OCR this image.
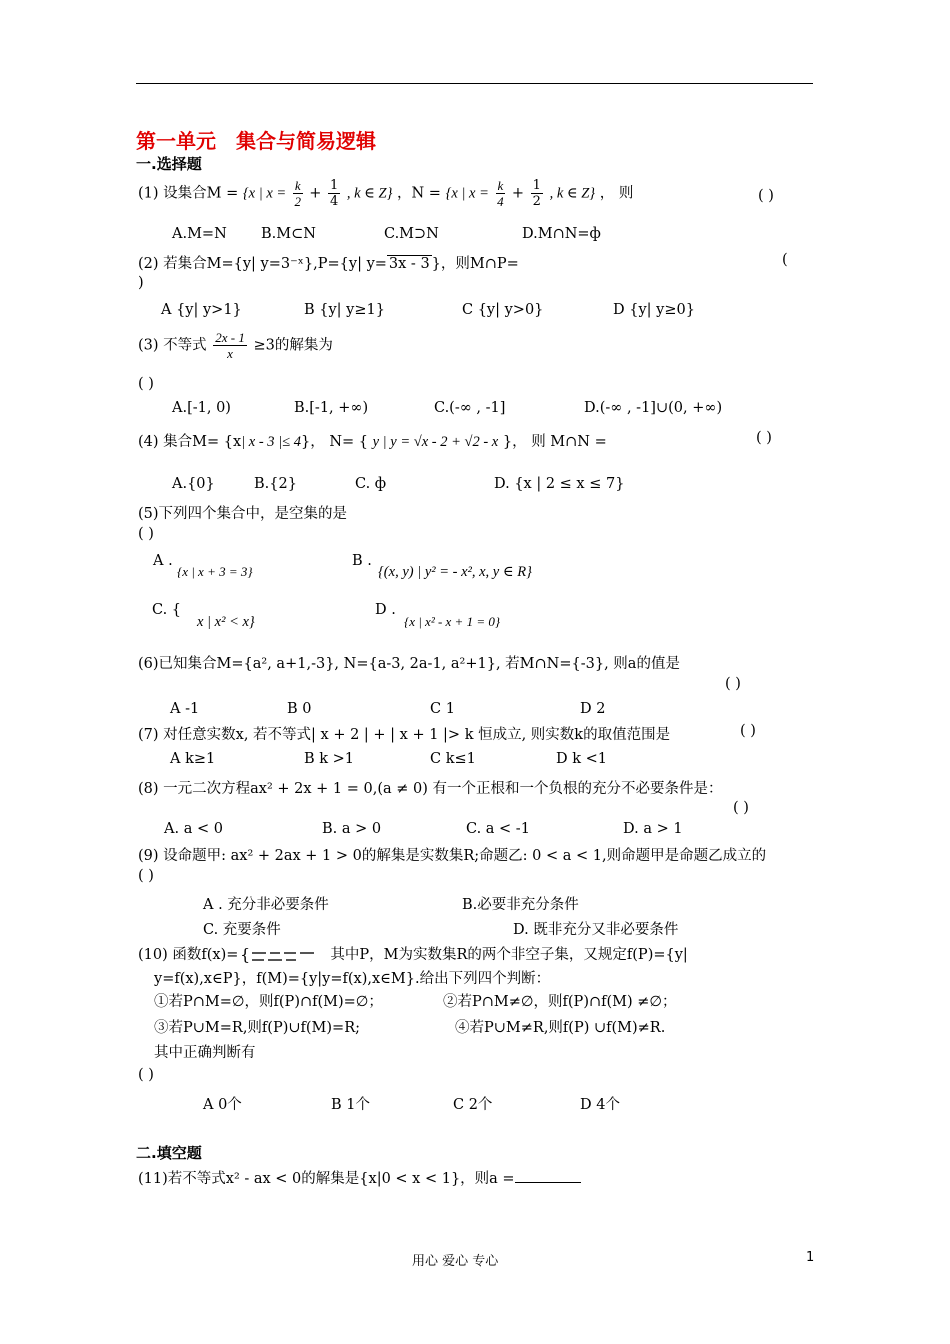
第一单元　集合与简易逻辑
一.选择题
(1) 设集合M = {x | $x = \frac{k}{2} + \frac{1}{4}$ , k ∈ Z} ，N = {x | $x = \frac{k}{4} + \frac{1}{2}$ , k ∈ Z} ， 则	( )
A.M=N B.M⊂N	C.M⊃N	D.M∩N=ф
(2) 若集合M={y| y=3⁻ˣ},P={y| y= 3x - 3 }，则M∩P=	(
)
A {y| y>1}	B {y| y≥1}	C {y| y>0}	D {y| y≥0}
(3) 不等式 $\frac{2x - 1}{x} \ge 3$的解集为
( )
A.[-1, 0)	B.[-1, +∞)	C.(-∞ , -1]	D.(-∞ , -1]∪(0, +∞)
(4) 集合M= {x| x - 3 |≤ 4}， N= { y | y = √x - 2 + √2 - x }， 则 M∩N =	( )
A.{0}	B.{2}	C. ф	D. {x | 2 ≤ x ≤ 7}
(5)下列四个集合中，是空集的是
( )
A .
{x | x + 3 = 3}
B .
{(x, y) | y² = - x², x, y ∈ R}
C. {
x | x² < x}
D .
{x | x² - x + 1 = 0}
(6)已知集合M={a², a+1,-3}, N={a-3, 2a-1, a²+1}, 若M∩N={-3}, 则a的值是
( )
A -1	B 0	C 1	D 2
(7) 对任意实数x, 若不等式| x + 2 | + | x + 1 |> k 恒成立, 则实数k的取值范围是	( )
A k≥1	B k >1	C k≤1	D k <1
(8) 一元二次方程ax² + 2x + 1 = 0,(a ≠ 0) 有一个正根和一个负根的充分不必要条件是：
( )
A. a < 0	B. a > 0	C. a < -1	D. a > 1
(9) 设命题甲: ax² + 2ax + 1 > 0的解集是实数集R;命题乙: 0 < a < 1,则命题甲是命题乙成立的
( )
A . 充分非必要条件	B.必要非充分条件
C. 充要条件	D. 既非充分又非必要条件
(10) 函数f(x)= {	其中P，M为实数集R的两个非空子集，又规定f(P)={y|
y=f(x),x∈P}，f(M)={y|y=f(x),x∈M}.给出下列四个判断：
①若P∩M=∅，则f(P)∩f(M)=∅；	②若P∩M≠∅，则f(P)∩f(M) ≠∅；
③若P∪M=R,则f(P)∪f(M)=R;	④若P∪M≠R,则f(P) ∪f(M)≠R.
其中正确判断有
( )
A 0个	B 1个	C 2个	D 4个
二.填空题
(11)若不等式x² - ax < 0的解集是{x|0 < x < 1}，则a =
用心 爱心 专心	1
